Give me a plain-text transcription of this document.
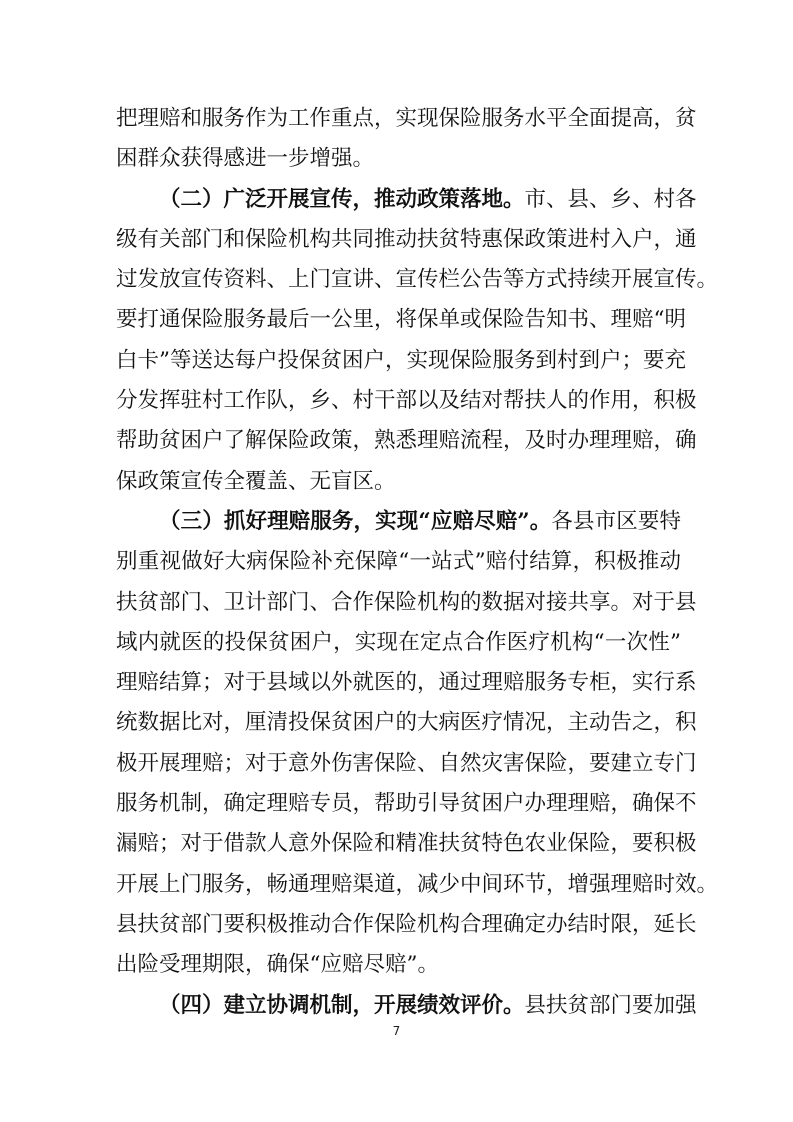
把理赔和服务作为工作重点，实现保险服务水平全面提高，贫
困群众获得感进一步增强。
（二）广泛开展宣传，推动政策落地。市、县、乡、村各
级有关部门和保险机构共同推动扶贫特惠保政策进村入户，通
过发放宣传资料、上门宣讲、宣传栏公告等方式持续开展宣传。
要打通保险服务最后一公里，将保单或保险告知书、理赔“明
白卡”等送达每户投保贫困户，实现保险服务到村到户；要充
分发挥驻村工作队，乡、村干部以及结对帮扶人的作用，积极
帮助贫困户了解保险政策，熟悉理赔流程，及时办理理赔，确
保政策宣传全覆盖、无盲区。
（三）抓好理赔服务，实现“应赔尽赔”。各县市区要特
别重视做好大病保险补充保障“一站式”赔付结算，积极推动
扶贫部门、卫计部门、合作保险机构的数据对接共享。对于县
域内就医的投保贫困户，实现在定点合作医疗机构“一次性”
理赔结算；对于县域以外就医的，通过理赔服务专柜，实行系
统数据比对，厘清投保贫困户的大病医疗情况，主动告之，积
极开展理赔；对于意外伤害保险、自然灾害保险，要建立专门
服务机制，确定理赔专员，帮助引导贫困户办理理赔，确保不
漏赔；对于借款人意外保险和精准扶贫特色农业保险，要积极
开展上门服务，畅通理赔渠道，减少中间环节，增强理赔时效。
县扶贫部门要积极推动合作保险机构合理确定办结时限，延长
出险受理期限，确保“应赔尽赔”。
（四）建立协调机制，开展绩效评价。县扶贫部门要加强
7
